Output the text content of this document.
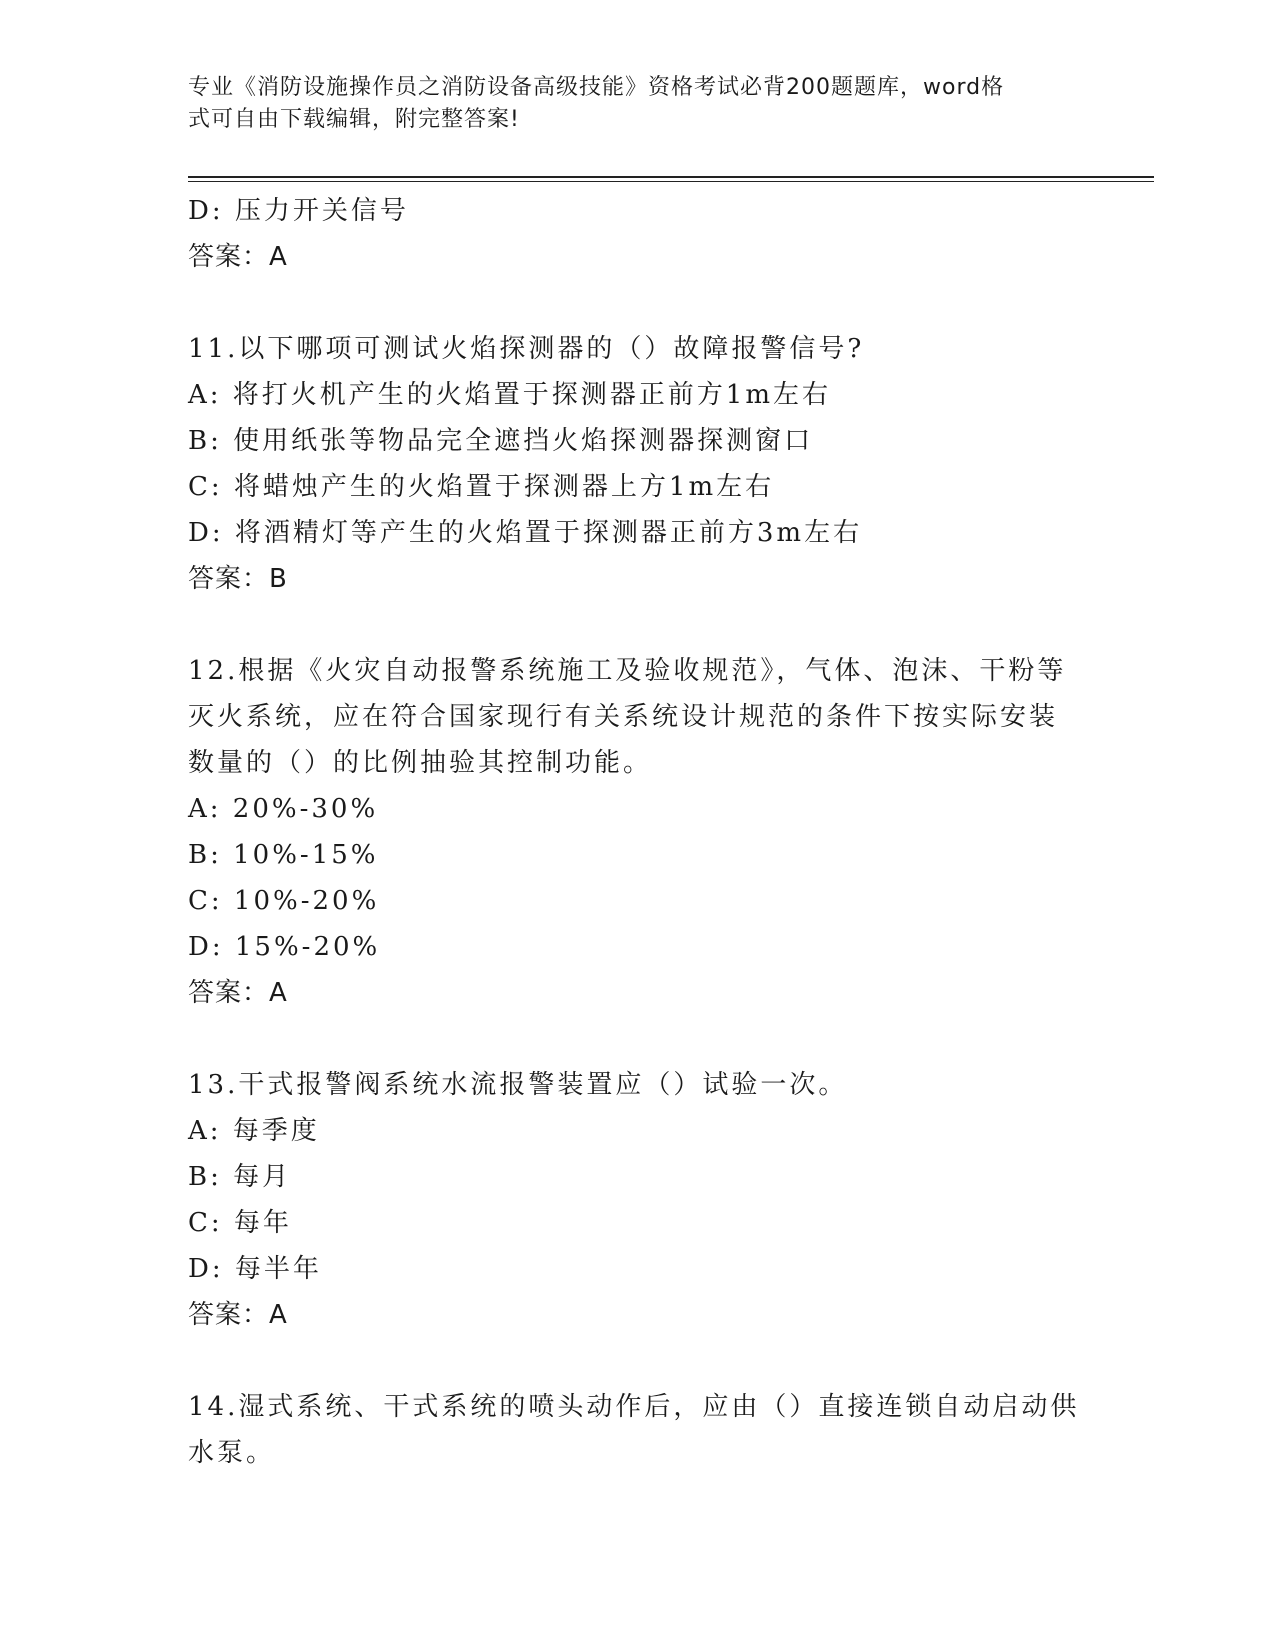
专业《消防设施操作员之消防设备高级技能》资格考试必背200题题库，word格
式可自由下载编辑，附完整答案!
D: 压力开关信号
答案：A
11.以下哪项可测试火焰探测器的（）故障报警信号?
A: 将打火机产生的火焰置于探测器正前方1m左右
B: 使用纸张等物品完全遮挡火焰探测器探测窗口
C: 将蜡烛产生的火焰置于探测器上方1m左右
D: 将酒精灯等产生的火焰置于探测器正前方3m左右
答案：B
12.根据《火灾自动报警系统施工及验收规范》，气体、泡沫、干粉等
灭火系统，应在符合国家现行有关系统设计规范的条件下按实际安装
数量的（）的比例抽验其控制功能。
A: 20%-30%
B: 10%-15%
C: 10%-20%
D: 15%-20%
答案：A
13.干式报警阀系统水流报警装置应（）试验一次。
A: 每季度
B: 每月
C: 每年
D: 每半年
答案：A
14.湿式系统、干式系统的喷头动作后，应由（）直接连锁自动启动供
水泵。
